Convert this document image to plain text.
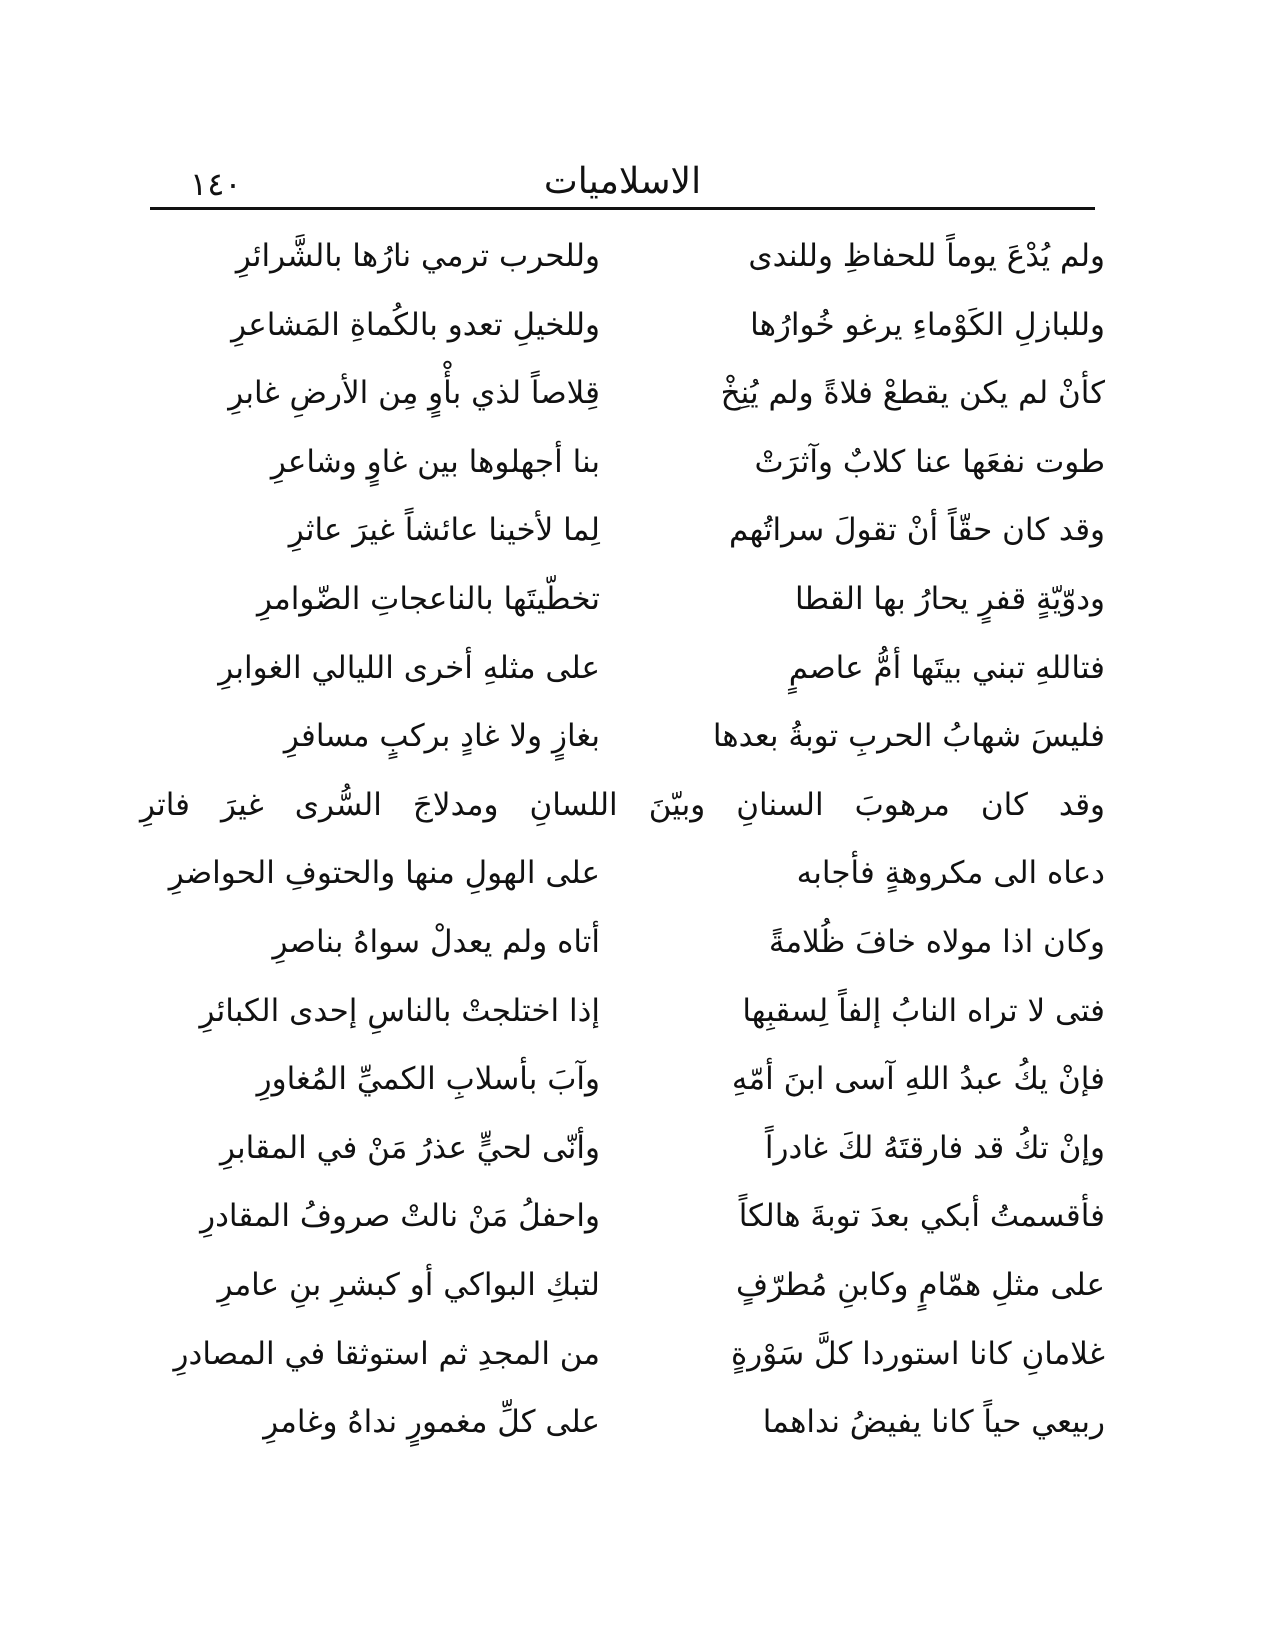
١٤٠	الاسلاميات
ولم يُدْعَ يوماً للحفاظِ وللندى
وللحرب ترمي نارُها بالشَّرائرِ
وللبازلِ الكَوْماءِ يرغو خُوارُها
وللخيلِ تعدو بالكُماةِ المَشاعرِ
كأنْ لم يكن يقطعْ فلاةً ولم يُنِخْ
قِلاصاً لذي بأْوٍ مِن الأرضِ غابرِ
طوت نفعَها عنا كلابٌ وآثرَتْ
بنا أجهلوها بين غاوٍ وشاعرِ
وقد كان حقّاً أنْ تقولَ سراتُهم
لِما لأخينا عائشاً غيرَ عاثرِ
ودوّيّةٍ قفرٍ يحارُ بها القطا
تخطّيتَها بالناعجاتِ الضّوامرِ
فتاللهِ تبني بيتَها أمُّ عاصمٍ
على مثلهِ أخرى الليالي الغوابرِ
فليسَ شهابُ الحربِ توبةُ بعدها
بغازٍ ولا غادٍ بركبٍ مسافرِ
وقد كان مرهوبَ السنانِ وبيّنَ اللسانِ ومدلاجَ السُّرى غيرَ فاترِ
دعاه الى مكروهةٍ فأجابه
على الهولِ منها والحتوفِ الحواضرِ
وكان اذا مولاه خافَ ظُلامةً
أتاه ولم يعدلْ سواهُ بناصرِ
فتى لا تراه النابُ إلفاً لِسقبِها
إذا اختلجتْ بالناسِ إحدى الكبائرِ
فإنْ يكُ عبدُ اللهِ آسى ابنَ أمّهِ
وآبَ بأسلابِ الكميِّ المُغاورِ
وإنْ تكُ قد فارقتَهُ لكَ غادراً
وأنّى لحيٍّ عذرُ مَنْ في المقابرِ
فأقسمتُ أبكي بعدَ توبةَ هالكاً
واحفلُ مَنْ نالتْ صروفُ المقادرِ
على مثلِ همّامٍ وكابنِ مُطرّفٍ
لتبكِ البواكي أو كبشرِ بنِ عامرِ
غلامانِ كانا استوردا كلَّ سَوْرةٍ
من المجدِ ثم استوثقا في المصادرِ
ربيعي حياً كانا يفيضُ نداهما
على كلِّ مغمورٍ نداهُ وغامرِ
